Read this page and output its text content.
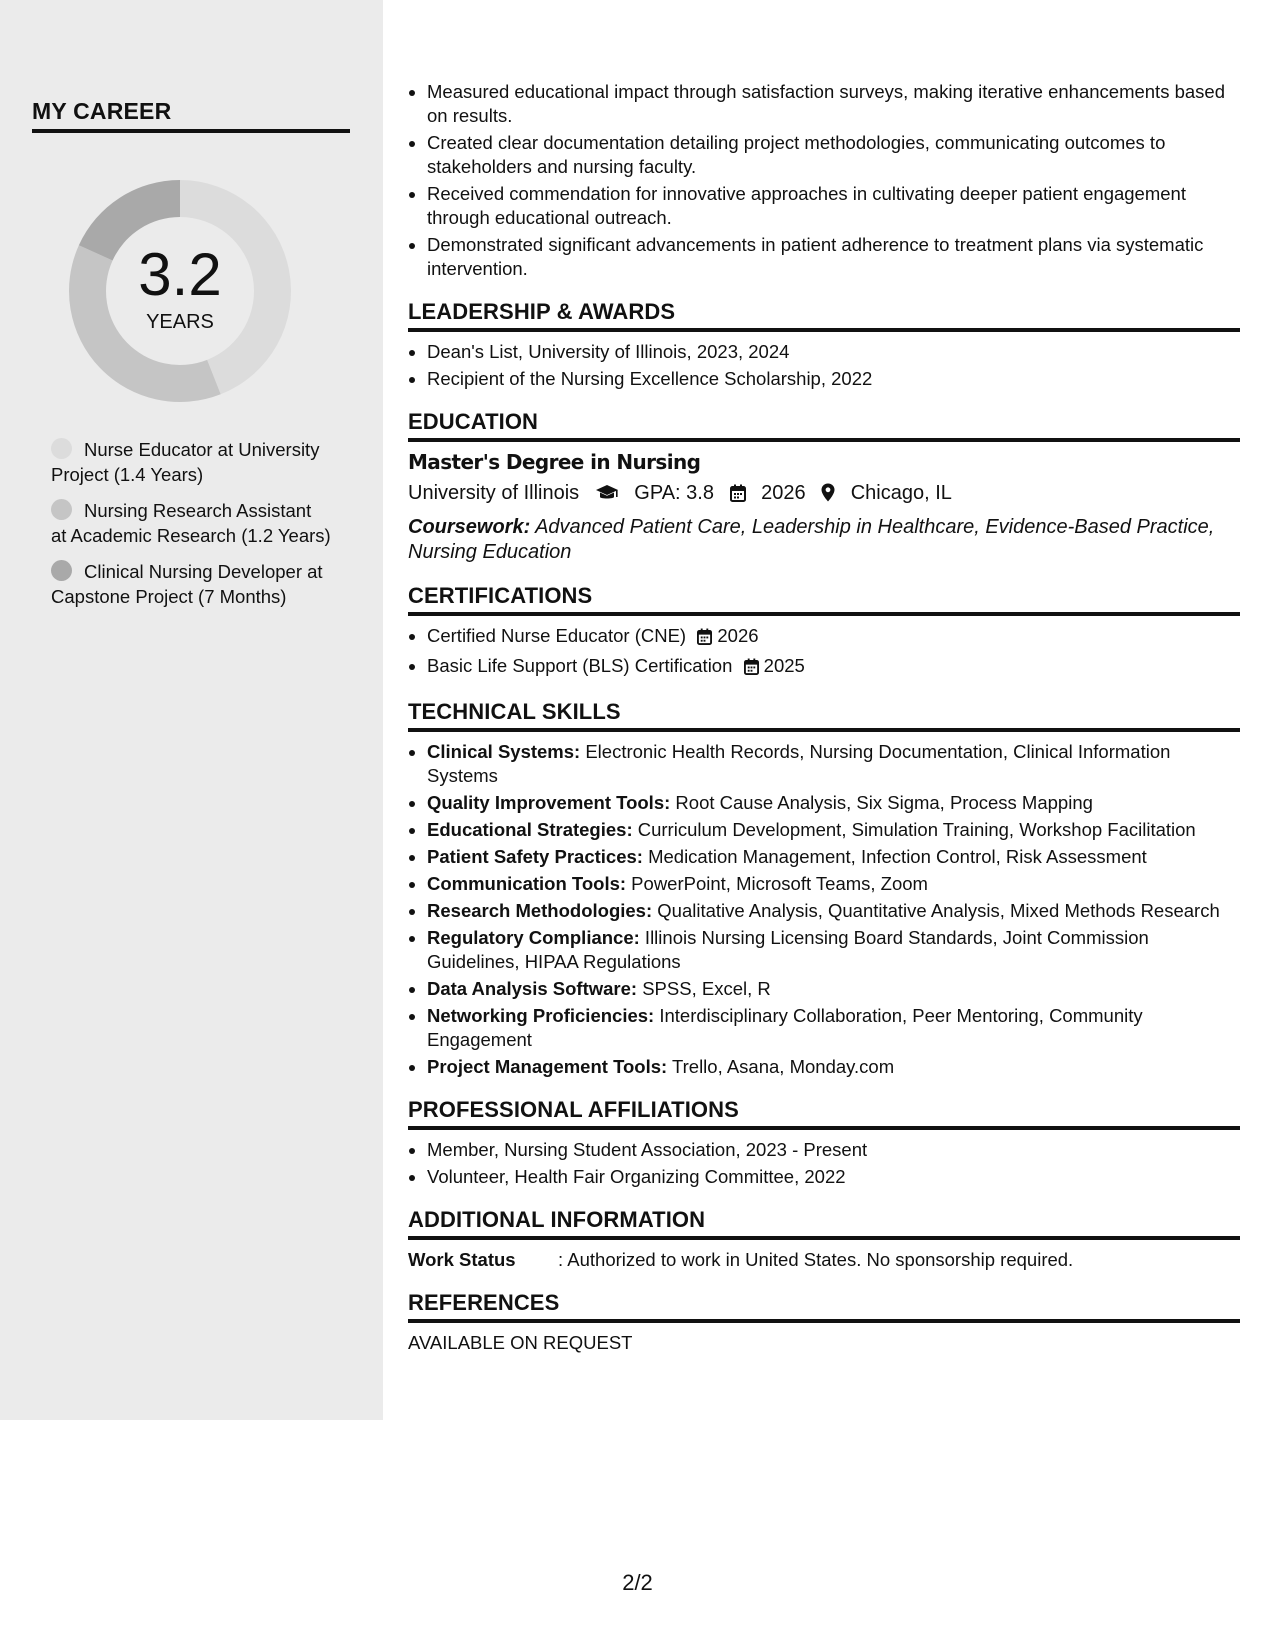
MY CAREER
3.2
YEARS
Nurse Educator at University Project (1.4 Years)
Nursing Research Assistant at Academic Research (1.2 Years)
Clinical Nursing Developer at Capstone Project (7 Months)
• Measured educational impact through satisfaction surveys, making iterative enhancements based on results.
• Created clear documentation detailing project methodologies, communicating outcomes to stakeholders and nursing faculty.
• Received commendation for innovative approaches in cultivating deeper patient engagement through educational outreach.
• Demonstrated significant advancements in patient adherence to treatment plans via systematic intervention.
LEADERSHIP & AWARDS
• Dean's List, University of Illinois, 2023, 2024
• Recipient of the Nursing Excellence Scholarship, 2022
EDUCATION
Master's Degree in Nursing
University of Illinois	GPA: 3.8 2026 Chicago, IL
Coursework: Advanced Patient Care, Leadership in Healthcare, Evidence-Based Practice, Nursing Education
CERTIFICATIONS
• Certified Nurse Educator (CNE) 2026
• Basic Life Support (BLS) Certification 2025
TECHNICAL SKILLS
• Clinical Systems: Electronic Health Records, Nursing Documentation, Clinical Information Systems
• Quality Improvement Tools: Root Cause Analysis, Six Sigma, Process Mapping
• Educational Strategies: Curriculum Development, Simulation Training, Workshop Facilitation
• Patient Safety Practices: Medication Management, Infection Control, Risk Assessment
• Communication Tools: PowerPoint, Microsoft Teams, Zoom
• Research Methodologies: Qualitative Analysis, Quantitative Analysis, Mixed Methods Research
• Regulatory Compliance: Illinois Nursing Licensing Board Standards, Joint Commission Guidelines, HIPAA Regulations
• Data Analysis Software: SPSS, Excel, R
• Networking Proficiencies: Interdisciplinary Collaboration, Peer Mentoring, Community Engagement
• Project Management Tools: Trello, Asana, Monday.com
PROFESSIONAL AFFILIATIONS
• Member, Nursing Student Association, 2023 - Present
• Volunteer, Health Fair Organizing Committee, 2022
ADDITIONAL INFORMATION
Work Status : Authorized to work in United States. No sponsorship required.
REFERENCES
AVAILABLE ON REQUEST
2/2
